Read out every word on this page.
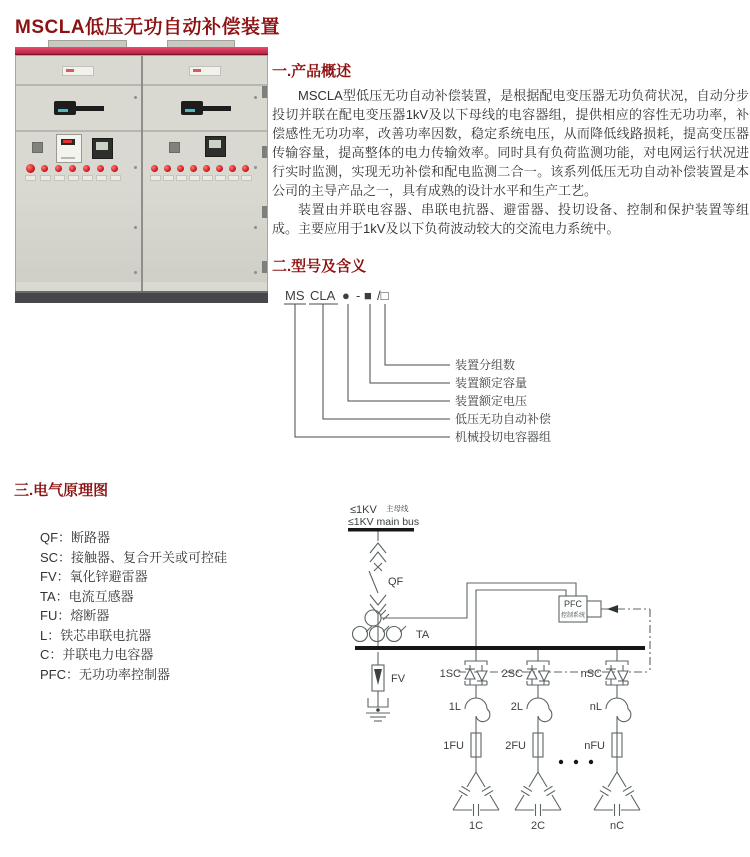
MSCLA低压无功自动补偿装置
一.产品概述

MSCLA型低压无功自动补偿装置，是根据配电变压器无功负荷状况，自动分步投切并联在配电变压器1kV及以下母线的电容器组，提供相应的容性无功功率，补偿感性无功功率，改善功率因数，稳定系统电压，从而降低线路损耗，提高变压器传输容量，提高整体的电力传输效率。同时具有负荷监测功能，对电网运行状况进行实时监测，实现无功补偿和配电监测二合一。该系列低压无功自动补偿装置是本公司的主导产品之一，具有成熟的设计水平和生产工艺。

装置由并联电容器、串联电抗器、避雷器、投切设备、控制和保护装置等组成。主要应用于1kV及以下负荷波动较大的交流电力系统中。

二.型号及含义
MS CLA ● - ■ /□
装置分组数
装置额定容量
装置额定电压
低压无功自动补偿
机械投切电容器组
三.电气原理图
QF：断路器
SC：接触器、复合开关或可控硅
FV：氧化锌避雷器
TA：电流互感器
FU：熔断器
L：铁芯串联电抗器
C：并联电力电容器
PFC：无功功率控制器
≤1KV 主母线
≤1KV main bus
QF
TA
FV
PFC
控制系统
1SC	2SC	nSC
1L	2L	nL
1FU	2FU	nFU
1C	2C	nC
